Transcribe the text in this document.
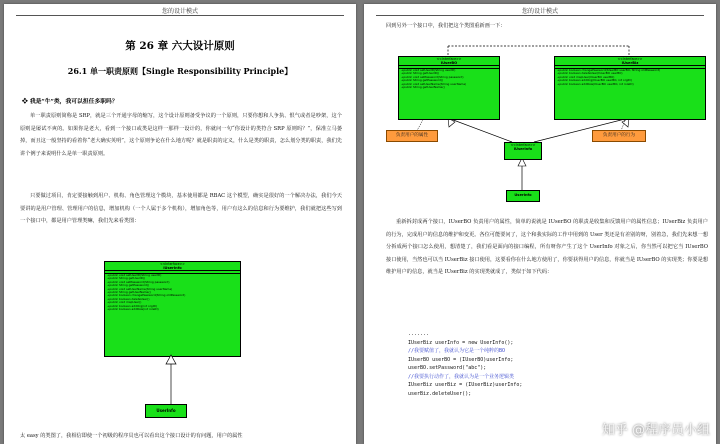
您的设计模式
第 26 章 六大设计原则
26.1 单一职责原则【Single Responsibility Principle】
❖ 我是“牛”类，我可以担任多职吗？
单一职责原则简称是 SRP，就是三个开通字母的缩写，这个设计原则备受争议的一个原则，只要你想和人争执、恨气或者是吵架，这个原则是屡试不爽的。如果你是老大，看到一个接口或类是这样一那样一设计的，你就问一句“你设计的类符合 SRP 原则吗？”，保准立马萎掉，而且这一般坚持的看着你“老大确实英明”，这个原则争论在什么地方呢？就是职责的定义，什么是类的职责，怎么划分类的职责，我们先讲个例子来说明什么是单一职责原则。
只要做过项目，肯定要接触到用户、机构、角色管理这个模块，基本使用都是 RBAC 这个模型，确实是很好的一个解决办法，我们今天要讲的是用户管理、管理用户的信息，增加机构（一个人属于多个机构），增加角色等，用户有这么的信息和行为要维护，我们就把这些写到一个接口中，都是用户管理类嘛，我们先来看类图：
<<Interface>>
IUserInfo
+public void setUserID(String userID)
+public String getUserID()
+public void setPassword(String password)
+public String getPassword()
+public void setUserName(String userName)
+public String getUserName()
+public boolean changePassword(String oldPassword)
+public boolean deleteUser()
+public void mapUser()
+public boolean addOrg(int orgID)
+public boolean addRole(int roleID)
UserInfo
太 easy 的类图了，我相信即使一个初级的程序员也可以看出这个接口设计的有问题，用户的属性
您的设计模式
回到另外一个接口中，我们把这个类图重新画一下：
<<Interface>>
IUserBO
+public void setUserID(String userID)
+public String getUserID()
+public void setPassword(String password)
+public String getPassword()
+public void setUserName(String userName)
+public String getUserName()
<<Interface>>
IUserBiz
+public boolean changePassword(IUserBO userBO, String oldPassword)
+public boolean deleteUser(IUserBO userBO)
+public void mapUser(IUserBO userBO)
+public boolean addOrg(IUserBO userBO, int orgID)
+public boolean addRole(IUserBO userBO, int roleID)
负责用户的属性	负责用户的行为
<<Interface>>
IUserInfo
UserInfo
重新拆封成两个接口，IUserBO 负责用户的属性，简单的说就是 IUserBO 的职责是收集和反馈用户的属性信息；IUserBiz 负责用户的行为，完成用户的信息的维护和变更。各位可能要问了，这个和我实际的工作中用到的 User 类还是有差别的呀，别着急，我们先来想一想分拆成两个接口怎么使用，想清楚了，我们看是面向的接口编程，所有呀你产生了这个 UserInfo 对象之后，你当然可以把它当 IUserBO 接口使用，当然也可以当 IUserBiz 接口使用，这要看你在什么地方使用了，你要获得用户的信息，你就当是 IUserBO 的实现类；你要是想维护用户的信息，就当是 IUserBiz 的实现类就成了，类似于如下代码：
.......
IUserBiz userInfo = new UserInfo();
//我要赋值了，我就认为它是一个纯粹的BO
IUserBO userBO = (IUserBO)userInfo;
userBO.setPassword("abc");
//我要执行动作了，我就认为是一个业务逻辑类
IUserBiz userBiz = (IUserBiz)userInfo;
userBiz.deleteUser();
知乎 @程序员小组
